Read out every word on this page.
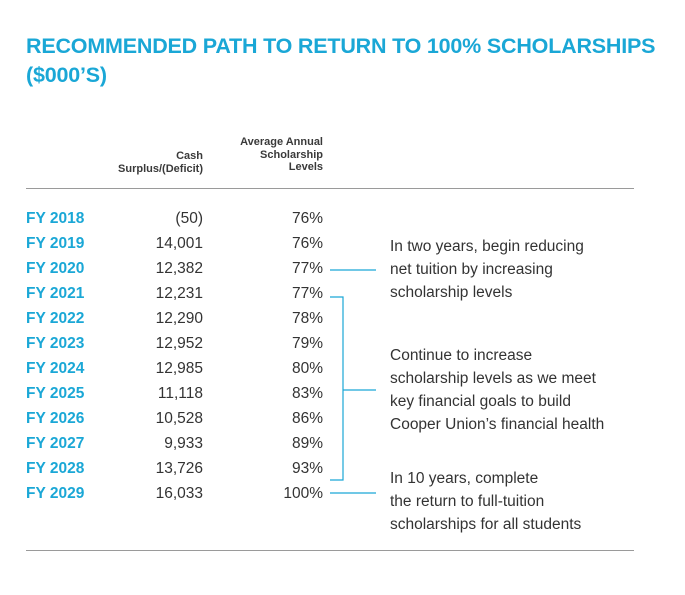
RECOMMENDED PATH TO RETURN TO 100% SCHOLARSHIPS
($000’S)
Cash
Surplus/(Deficit)
Average Annual
Scholarship
Levels
FY 2018	(50)	76%
FY 2019	14,001	76%
FY 2020	12,382	77%
FY 2021	12,231	77%
FY 2022	12,290	78%
FY 2023	12,952	79%
FY 2024	12,985	80%
FY 2025	11,118	83%
FY 2026	10,528	86%
FY 2027	9,933	89%
FY 2028	13,726	93%
FY 2029	16,033	100%
In two years, begin reducing
net tuition by increasing
scholarship levels
Continue to increase
scholarship levels as we meet
key financial goals to build
Cooper Union’s financial health
In 10 years, complete
the return to full-tuition
scholarships for all students
